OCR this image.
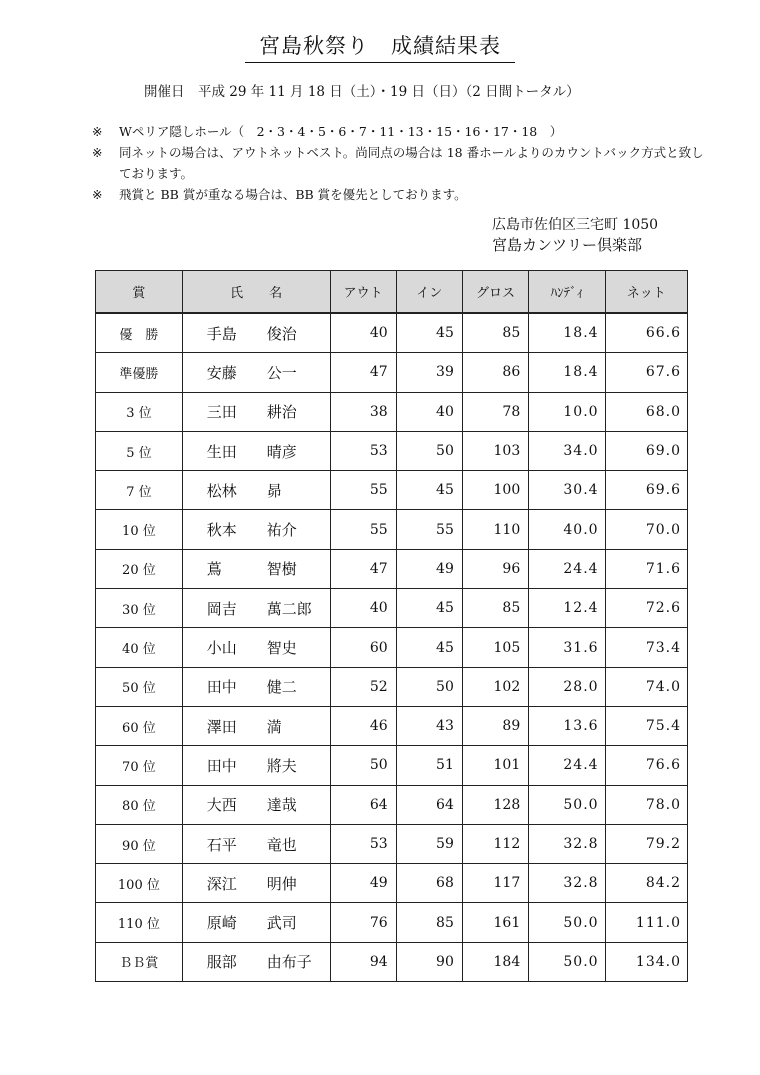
宮島秋祭り　成績結果表
開催日　平成 29 年 11 月 18 日（土）・19 日（日）（2 日間トータル）
※	Wペリア隠しホール（　2・3・4・5・6・7・11・13・15・16・17・18　）
※	同ネットの場合は、アウトネットベスト。尚同点の場合は 18 番ホールよりのカウントバック方式と致しております。
※	飛賞と BB 賞が重なる場合は、BB 賞を優先としております。
広島市佐伯区三宅町 1050
宮島カンツリー倶楽部
賞	氏　　名	アウト	イン	グロス	ﾊﾝﾃﾞｨ	ネット
優　勝	手島 俊治	40	45	85	18.4	66.6
準優勝	安藤 公一	47	39	86	18.4	67.6
3 位	三田 耕治	38	40	78	10.0	68.0
5 位	生田 晴彦	53	50	103	34.0	69.0
7 位	松林 昴	55	45	100	30.4	69.6
10 位	秋本 祐介	55	55	110	40.0	70.0
20 位	蔦 智樹	47	49	96	24.4	71.6
30 位	岡吉 萬二郎	40	45	85	12.4	72.6
40 位	小山 智史	60	45	105	31.6	73.4
50 位	田中 健二	52	50	102	28.0	74.0
60 位	澤田 満	46	43	89	13.6	75.4
70 位	田中 將夫	50	51	101	24.4	76.6
80 位	大西 達哉	64	64	128	50.0	78.0
90 位	石平 竜也	53	59	112	32.8	79.2
100 位	深江 明伸	49	68	117	32.8	84.2
110 位	原崎 武司	76	85	161	50.0	111.0
ＢＢ賞	服部 由布子	94	90	184	50.0	134.0
